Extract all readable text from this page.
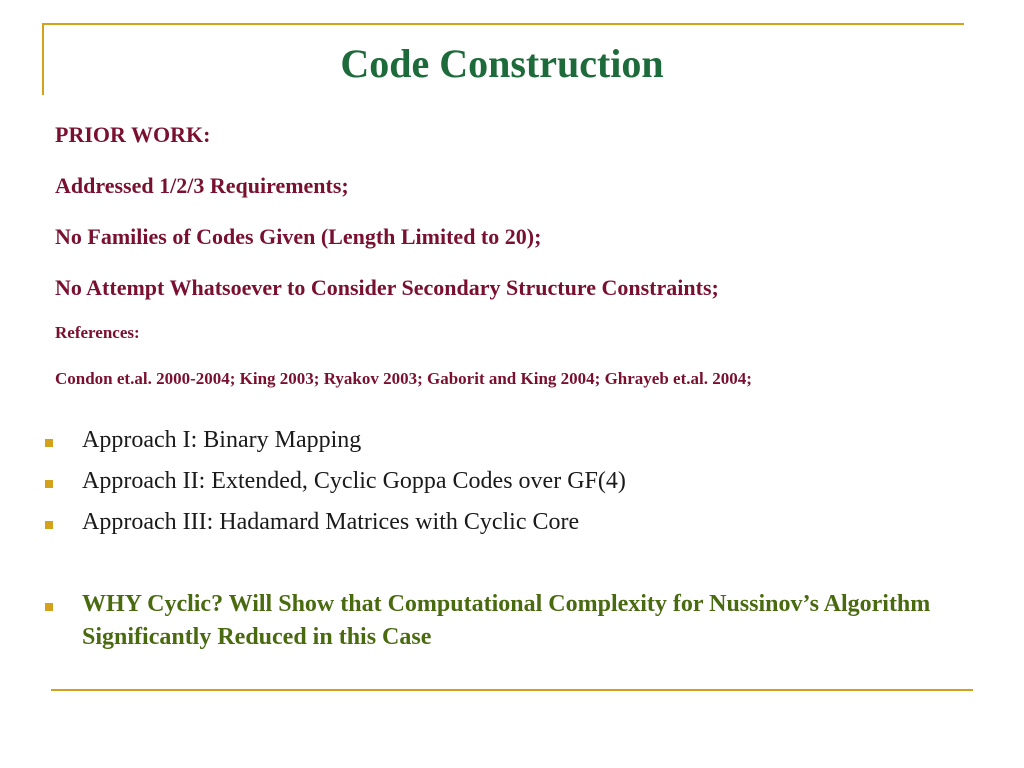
Code Construction
PRIOR WORK:
Addressed 1/2/3 Requirements;
No Families of Codes Given (Length Limited to 20);
No Attempt Whatsoever to Consider Secondary Structure Constraints;
References:
Condon et.al. 2000-2004; King 2003; Ryakov 2003; Gaborit and King 2004; Ghrayeb et.al. 2004;
Approach I: Binary Mapping
Approach II: Extended, Cyclic Goppa Codes over GF(4)
Approach III: Hadamard Matrices with Cyclic Core
WHY Cyclic? Will Show that Computational Complexity for Nussinov’s Algorithm Significantly Reduced in this Case
